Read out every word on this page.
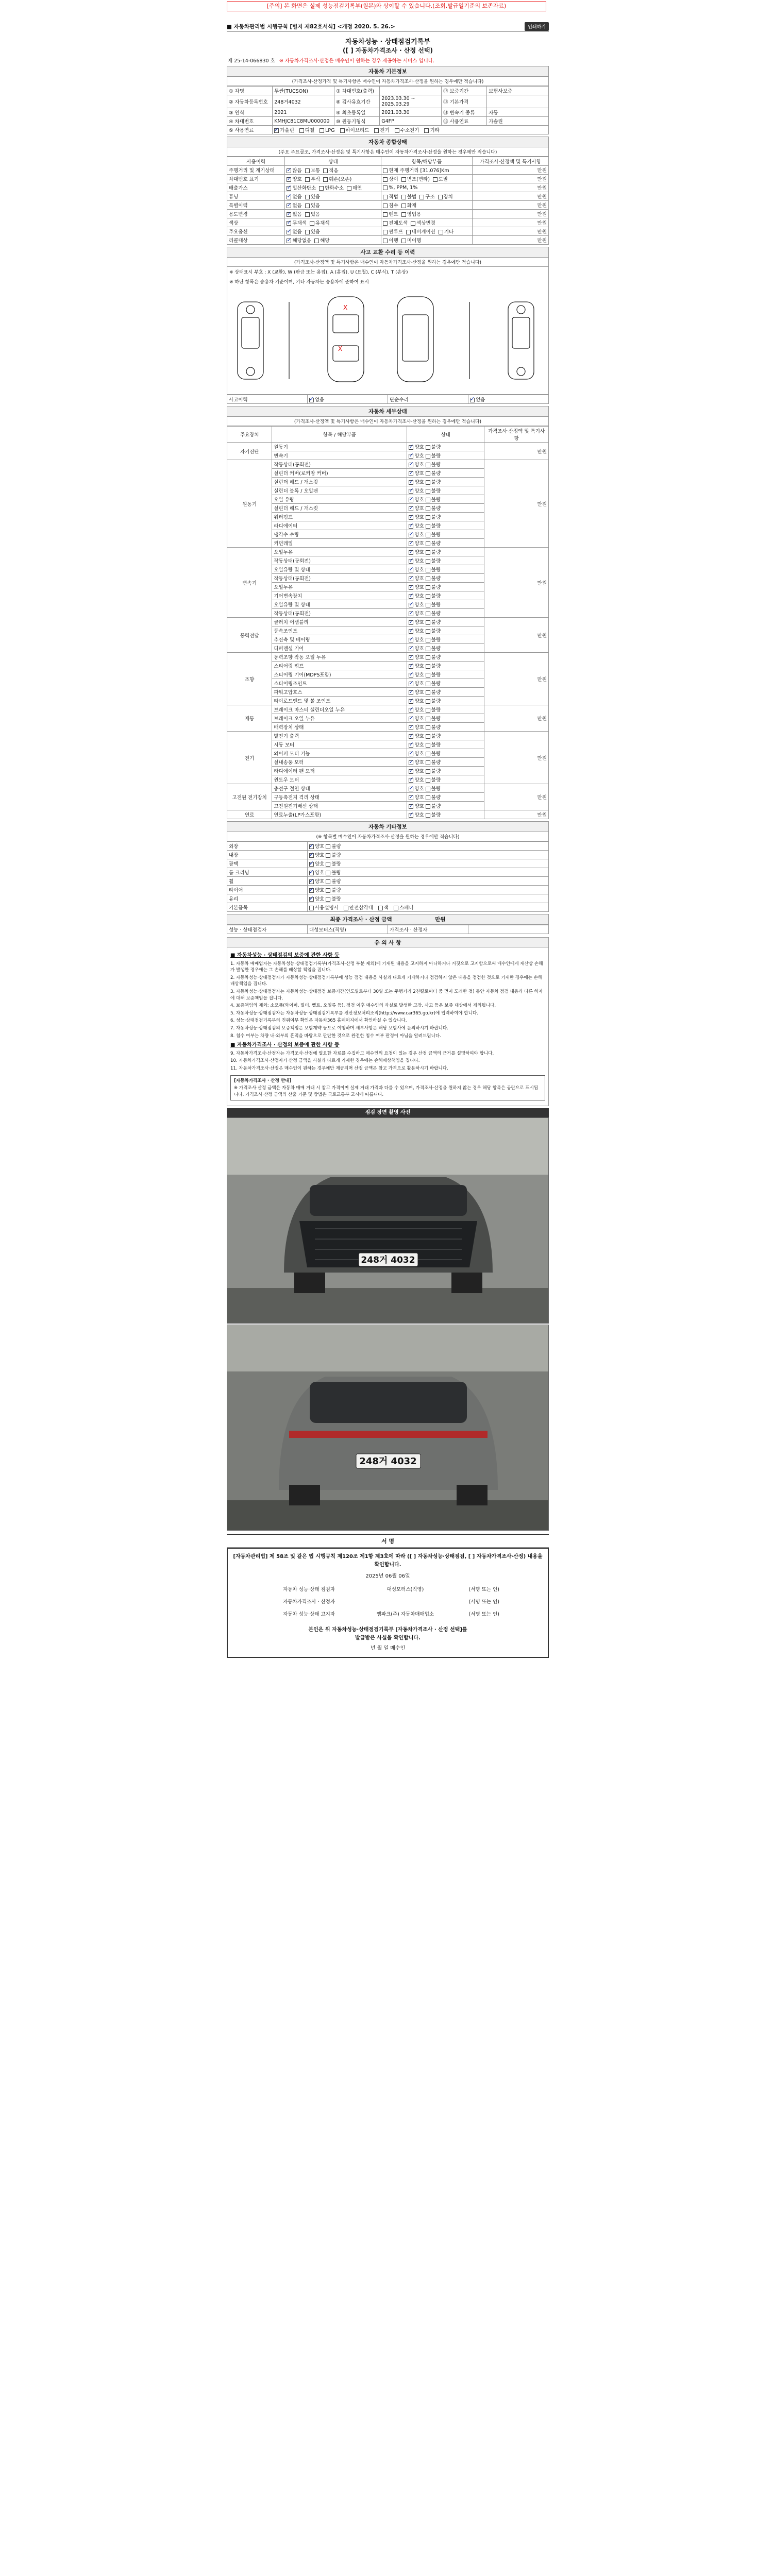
[주의] 본 화면은 실제 성능점검기록부(원본)와 상이할 수 있습니다.(조회,발급일기준의 보존자료)
■ 자동차관리법 시행규칙 [별지 제82호서식] <개정 2020. 5. 26.>	인쇄하기
자동차성능 · 상태점검기록부
([ ] 자동차가격조사 · 산정 선택)
제 25-14-066830 호 ※ 자동차가격조사·산정은 매수인이 원하는 경우 제공하는 서비스 입니다.
자동차 기본정보
(가격조사·산정가격 및 특기사항은 매수인이 자동차가격조사·산정을 원하는 경우에만 적습니다)
① 차명	투싼(TUCSON)	⑦ 차대번호(출력)		⑫ 보증기간	보험사보증
② 자동차등록번호	248거4032	⑧ 검사유효기간	2023.03.30 ~ 2025.03.29	⑬ 기본가격	
③ 연식	2021	⑨ 최초등록일	2021.03.30	⑭ 변속기 종류	자동
④ 차대번호	KMHJC81C8MU000000	⑩ 원동기형식	G4FP	⑮ 사용연료	가솔린
⑤ 사용연료	✓가솔린 디젤 LPG 하이브리드 전기 수소전기 기타
자동차 종합상태
(주요 주요골조, 가격조사·산정은 및 특기사항은 매수인이 자동차가격조사·산정을 원하는 경우에만 적습니다)
사용이력	상태	항목/해당부품	가격조사·산정액 및 특기사항
주행거리 및 계기상태	✓많음 보통 적음	현재 주행거리 [31,076]Km	만원
차대번호 표기	✓양호 부식 훼손(오손)	상이 변조(변타) 도말	만원
배출가스	✓일산화탄소 탄화수소 매연	%, PPM, 1%	만원
튜닝	✓없음 있음	적법 불법 구조 장치	만원
특별이력	✓없음 있음	침수 화재	만원
용도변경	✓없음 있음	렌트 영업용	만원
색상	✓무채색 유채색	전체도색 색상변경	만원
주요옵션	✓없음 있음	썬루프 네비게이션 기타	만원
리콜대상	✓해당없음 해당	이행 미이행	만원
사고 교환 수리 등 이력
(가격조사·산정액 및 특기사항은 매수인이 자동차가격조사·산정을 원하는 경우에만 적습니다)
※ 상태표시 부호 : X (교환), W (판금 또는 용접), A (흠집), U (요철), C (부식), T (손상)
※ 하단 항목은 승용차 기준이며, 기타 자동차는 승용차에 준하여 표시
X
X
사고이력	✓없음	단순수리	✓없음
자동차 세부상태
(가격조사·산정액 및 특기사항은 매수인이 자동차가격조사·산정을 원하는 경우에만 적습니다)
주요장치	항목 / 해당부품	상태	가격조사·산정액 및 특기사항
자기진단	원동기	✓양호 불량	만원
	변속기	✓양호 불량
원동기	작동상태(공회전)	✓양호 불량	만원
	실린더 커버(로커암 커버)	✓양호 불량
	실린더 헤드 / 개스킷	✓양호 불량
	실린더 블록 / 오일팬	✓양호 불량
	오일 유량	✓양호 불량
	실린더 헤드 / 개스킷	✓양호 불량
	워터펌프	✓양호 불량
	라디에이터	✓양호 불량
	냉각수 수량	✓양호 불량
	커먼레일	✓양호 불량
변속기	오일누유	✓양호 불량	만원
	작동상태(공회전)	✓양호 불량
	오일유량 및 상태	✓양호 불량
	작동상태(공회전)	✓양호 불량
	오일누유	✓양호 불량
	기어변속장치	✓양호 불량
	오일유량 및 상태	✓양호 불량
	작동상태(공회전)	✓양호 불량
동력전달	클러치 어셈블리	✓양호 불량	만원
	등속조인트	✓양호 불량
	추진축 및 베어링	✓양호 불량
	디퍼렌셜 기어	✓양호 불량
조향	동력조향 작동 오일 누유	✓양호 불량	만원
	스티어링 펌프	✓양호 불량
	스티어링 기어(MDPS포함)	✓양호 불량
	스티어링조인트	✓양호 불량
	파워고압호스	✓양호 불량
	타이로드엔드 및 볼 조인트	✓양호 불량
제동	브레이크 마스터 실린더오일 누유	✓양호 불량	만원
	브레이크 오일 누유	✓양호 불량
	배력장치 상태	✓양호 불량
전기	발전기 출력	✓양호 불량	만원
	시동 모터	✓양호 불량
	와이퍼 모터 기능	✓양호 불량
	실내송풍 모터	✓양호 불량
	라디에이터 팬 모터	✓양호 불량
	윈도우 모터	✓양호 불량
고전원 전기장치	충전구 절연 상태	✓양호 불량	만원
	구동축전지 격리 상태	✓양호 불량
	고전원전기배선 상태	✓양호 불량
연료	연료누출(LP가스포함)	✓양호 불량	만원
자동차 기타정보
(※ 항목별 매수인이 자동차가격조사·산정을 원하는 경우에만 적습니다)
외장	✓양호 불량
내장	✓양호 불량
광택	✓양호 불량
룸 크리닝	✓양호 불량
휠	✓양호 불량
타이어	✓양호 불량
유리	✓양호 불량
기본품목	사용설명서 안전삼각대 잭 스패너
최종 가격조사 · 산정 금액	만원
성능 · 상태점검자	대성모터스(직영)	가격조사 · 산정자	
유 의 사 항
■ 자동차성능 · 상태점검의 보증에 관한 사항 등

1. 자동차 매매업자는 자동차성능·상태점검기록부(가격조사·산정 부분 제외)에 기재된 내용을 고지하지 아니하거나 거짓으로 고지함으로써 매수인에게 재산상 손해가 발생한 경우에는 그 손해를 배상할 책임을 집니다.

2. 자동차성능·상태점검자가 자동차성능·상태점검기록부에 성능 점검 내용을 사실과 다르게 기재하거나 점검하지 않은 내용을 점검한 것으로 기재한 경우에는 손해배상책임을 집니다.

3. 자동차성능·상태점검자는 자동차성능·상태점검 보증기간(인도일로부터 30일 또는 주행거리 2천킬로미터 중 먼저 도래한 것) 동안 자동차 점검 내용과 다른 하자에 대해 보증책임을 집니다.

4. 보증책임의 제외: 소모품(와이퍼, 필터, 벨트, 오일류 등), 점검 이후 매수인의 과실로 발생한 고장, 사고 등은 보증 대상에서 제외됩니다.

5. 자동차성능·상태점검자는 자동차성능·상태점검기록부를 전산정보처리조직(http://www.car365.go.kr)에 입력하여야 합니다.

6. 성능·상태점검기록부의 진위여부 확인은 자동차365 홈페이지에서 확인하실 수 있습니다.

7. 자동차성능·상태점검의 보증책임은 보험계약 등으로 이행하며 세부사항은 해당 보험사에 문의하시기 바랍니다.

8. 침수 여부는 차량 내·외부의 흔적을 바탕으로 판단한 것으로 완전한 침수 여부 판정이 아님을 알려드립니다.

■ 자동차가격조사 · 산정의 보증에 관한 사항 등

9. 자동차가격조사·산정자는 가격조사·산정에 필요한 자료를 수집하고 매수인의 요청이 있는 경우 산정 금액의 근거를 설명하여야 합니다.

10. 자동차가격조사·산정자가 산정 금액을 사실과 다르게 기재한 경우에는 손해배상책임을 집니다.

11. 자동차가격조사·산정은 매수인이 원하는 경우에만 제공되며 산정 금액은 참고 가격으로 활용하시기 바랍니다.

[자동차가격조사 · 산정 안내]
※ 가격조사·산정 금액은 자동차 매매 거래 시 참고 가격이며 실제 거래 가격과 다를 수 있으며, 가격조사·산정을 원하지 않는 경우 해당 항목은 공란으로 표시됩니다. 가격조사·산정 금액의 산출 기준 및 방법은 국토교통부 고시에 따릅니다.
점검 장면 촬영 사진
248거 4032
248거 4032
서 명
[자동차관리법] 제 58조 및 같은 법 시행규칙 제120조 제1항 제3호에 따라 ([ ] 자동차성능·상태점검, [ ] 자동차가격조사·산정) 내용을 확인합니다.
2025년 06월 06일
자동차 성능·상태 점검자	대성모터스(직영)	(서명 또는 인)
자동차가격조사 · 산정자		(서명 또는 인)
자동차 성능·상태 고지자	엠파크(주) 자동차매매업소	(서명 또는 인)
본인은 위 자동차성능·상태점검기록부 [자동차가격조사 · 산정 선택]를
발급받은 사실을 확인합니다.
년 월 일 매수인
